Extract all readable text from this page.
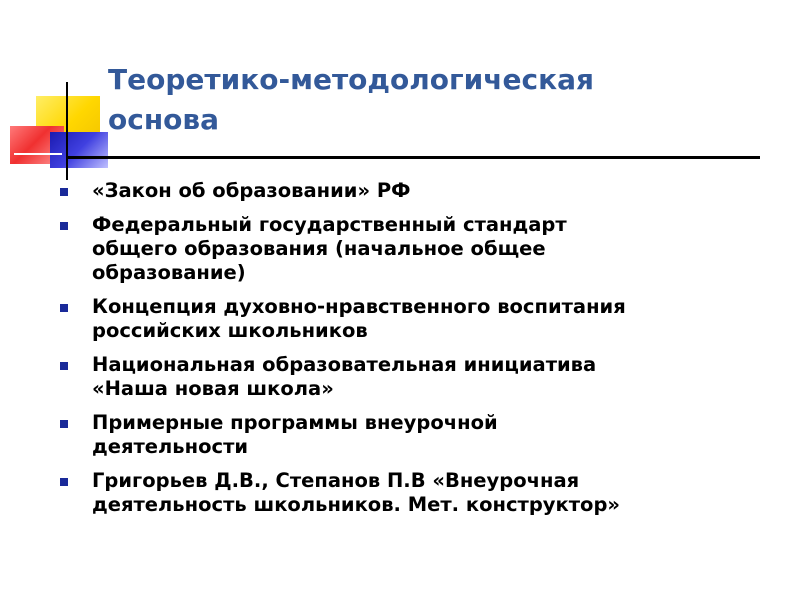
Теоретико-методологическая
основа
«Закон об образовании» РФ
Федеральный государственный стандарт
общего образования (начальное общее
образование)
Концепция духовно-нравственного воспитания
российских школьников
Национальная образовательная инициатива
«Наша новая школа»
Примерные программы внеурочной
деятельности
Григорьев Д.В., Степанов П.В «Внеурочная
деятельность школьников. Мет. конструктор»
